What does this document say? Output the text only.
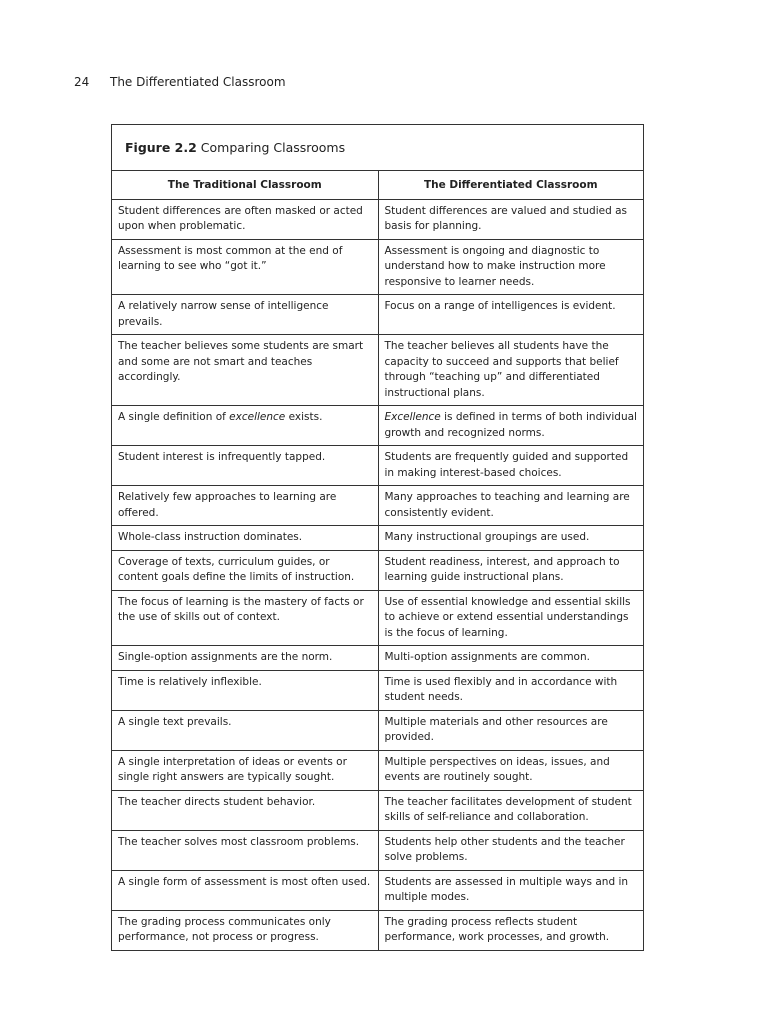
24 The Differentiated Classroom
Figure 2.2 Comparing Classrooms
The Traditional Classroom	The Differentiated Classroom
Student differences are often masked or acted upon when problematic.	Student differences are valued and studied as basis for planning.
Assessment is most common at the end of learning to see who “got it.”	Assessment is ongoing and diagnostic to understand how to make instruction more responsive to learner needs.
A relatively narrow sense of intelligence prevails.	Focus on a range of intelligences is evident.
The teacher believes some students are smart and some are not smart and teaches accordingly.	The teacher believes all students have the capacity to succeed and supports that belief through “teaching up” and differentiated instructional plans.
A single definition of excellence exists.	Excellence is defined in terms of both individual growth and recognized norms.
Student interest is infrequently tapped.	Students are frequently guided and supported in making interest-based choices.
Relatively few approaches to learning are offered.	Many approaches to teaching and learning are consistently evident.
Whole-class instruction dominates.	Many instructional groupings are used.
Coverage of texts, curriculum guides, or content goals define the limits of instruction.	Student readiness, interest, and approach to learning guide instructional plans.
The focus of learning is the mastery of facts or the use of skills out of context.	Use of essential knowledge and essential skills to achieve or extend essential understandings is the focus of learning.
Single-option assignments are the norm.	Multi-option assignments are common.
Time is relatively inflexible.	Time is used flexibly and in accordance with student needs.
A single text prevails.	Multiple materials and other resources are provided.
A single interpretation of ideas or events or single right answers are typically sought.	Multiple perspectives on ideas, issues, and events are routinely sought.
The teacher directs student behavior.	The teacher facilitates development of student skills of self-reliance and collaboration.
The teacher solves most classroom problems.	Students help other students and the teacher solve problems.
A single form of assessment is most often used.	Students are assessed in multiple ways and in multiple modes.
The grading process communicates only performance, not process or progress.	The grading process reflects student performance, work processes, and growth.
